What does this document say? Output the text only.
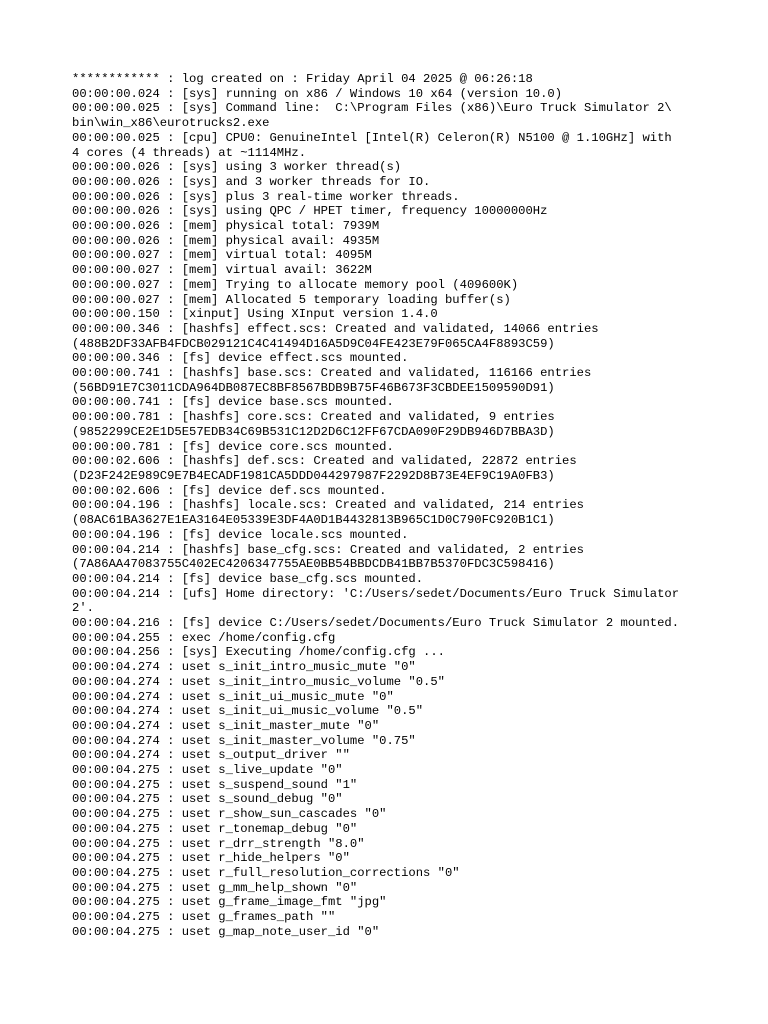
************ : log created on : Friday April 04 2025 @ 06:26:18
00:00:00.024 : [sys] running on x86 / Windows 10 x64 (version 10.0)
00:00:00.025 : [sys] Command line:  C:\Program Files (x86)\Euro Truck Simulator 2\
bin\win_x86\eurotrucks2.exe
00:00:00.025 : [cpu] CPU0: GenuineIntel [Intel(R) Celeron(R) N5100 @ 1.10GHz] with
4 cores (4 threads) at ~1114MHz.
00:00:00.026 : [sys] using 3 worker thread(s)
00:00:00.026 : [sys] and 3 worker threads for IO.
00:00:00.026 : [sys] plus 3 real-time worker threads.
00:00:00.026 : [sys] using QPC / HPET timer, frequency 10000000Hz
00:00:00.026 : [mem] physical total: 7939M
00:00:00.026 : [mem] physical avail: 4935M
00:00:00.027 : [mem] virtual total: 4095M
00:00:00.027 : [mem] virtual avail: 3622M
00:00:00.027 : [mem] Trying to allocate memory pool (409600K)
00:00:00.027 : [mem] Allocated 5 temporary loading buffer(s)
00:00:00.150 : [xinput] Using XInput version 1.4.0
00:00:00.346 : [hashfs] effect.scs: Created and validated, 14066 entries
(488B2DF33AFB4FDCB029121C4C41494D16A5D9C04FE423E79F065CA4F8893C59)
00:00:00.346 : [fs] device effect.scs mounted.
00:00:00.741 : [hashfs] base.scs: Created and validated, 116166 entries
(56BD91E7C3011CDA964DB087EC8BF8567BDB9B75F46B673F3CBDEE1509590D91)
00:00:00.741 : [fs] device base.scs mounted.
00:00:00.781 : [hashfs] core.scs: Created and validated, 9 entries
(9852299CE2E1D5E57EDB34C69B531C12D2D6C12FF67CDA090F29DB946D7BBA3D)
00:00:00.781 : [fs] device core.scs mounted.
00:00:02.606 : [hashfs] def.scs: Created and validated, 22872 entries
(D23F242E989C9E7B4ECADF1981CA5DDD044297987F2292D8B73E4EF9C19A0FB3)
00:00:02.606 : [fs] device def.scs mounted.
00:00:04.196 : [hashfs] locale.scs: Created and validated, 214 entries
(08AC61BA3627E1EA3164E05339E3DF4A0D1B4432813B965C1D0C790FC920B1C1)
00:00:04.196 : [fs] device locale.scs mounted.
00:00:04.214 : [hashfs] base_cfg.scs: Created and validated, 2 entries
(7A86AA47083755C402EC4206347755AE0BB54BBDCDB41BB7B5370FDC3C598416)
00:00:04.214 : [fs] device base_cfg.scs mounted.
00:00:04.214 : [ufs] Home directory: 'C:/Users/sedet/Documents/Euro Truck Simulator
2'.
00:00:04.216 : [fs] device C:/Users/sedet/Documents/Euro Truck Simulator 2 mounted.
00:00:04.255 : exec /home/config.cfg
00:00:04.256 : [sys] Executing /home/config.cfg ...
00:00:04.274 : uset s_init_intro_music_mute "0"
00:00:04.274 : uset s_init_intro_music_volume "0.5"
00:00:04.274 : uset s_init_ui_music_mute "0"
00:00:04.274 : uset s_init_ui_music_volume "0.5"
00:00:04.274 : uset s_init_master_mute "0"
00:00:04.274 : uset s_init_master_volume "0.75"
00:00:04.274 : uset s_output_driver ""
00:00:04.275 : uset s_live_update "0"
00:00:04.275 : uset s_suspend_sound "1"
00:00:04.275 : uset s_sound_debug "0"
00:00:04.275 : uset r_show_sun_cascades "0"
00:00:04.275 : uset r_tonemap_debug "0"
00:00:04.275 : uset r_drr_strength "8.0"
00:00:04.275 : uset r_hide_helpers "0"
00:00:04.275 : uset r_full_resolution_corrections "0"
00:00:04.275 : uset g_mm_help_shown "0"
00:00:04.275 : uset g_frame_image_fmt "jpg"
00:00:04.275 : uset g_frames_path ""
00:00:04.275 : uset g_map_note_user_id "0"
